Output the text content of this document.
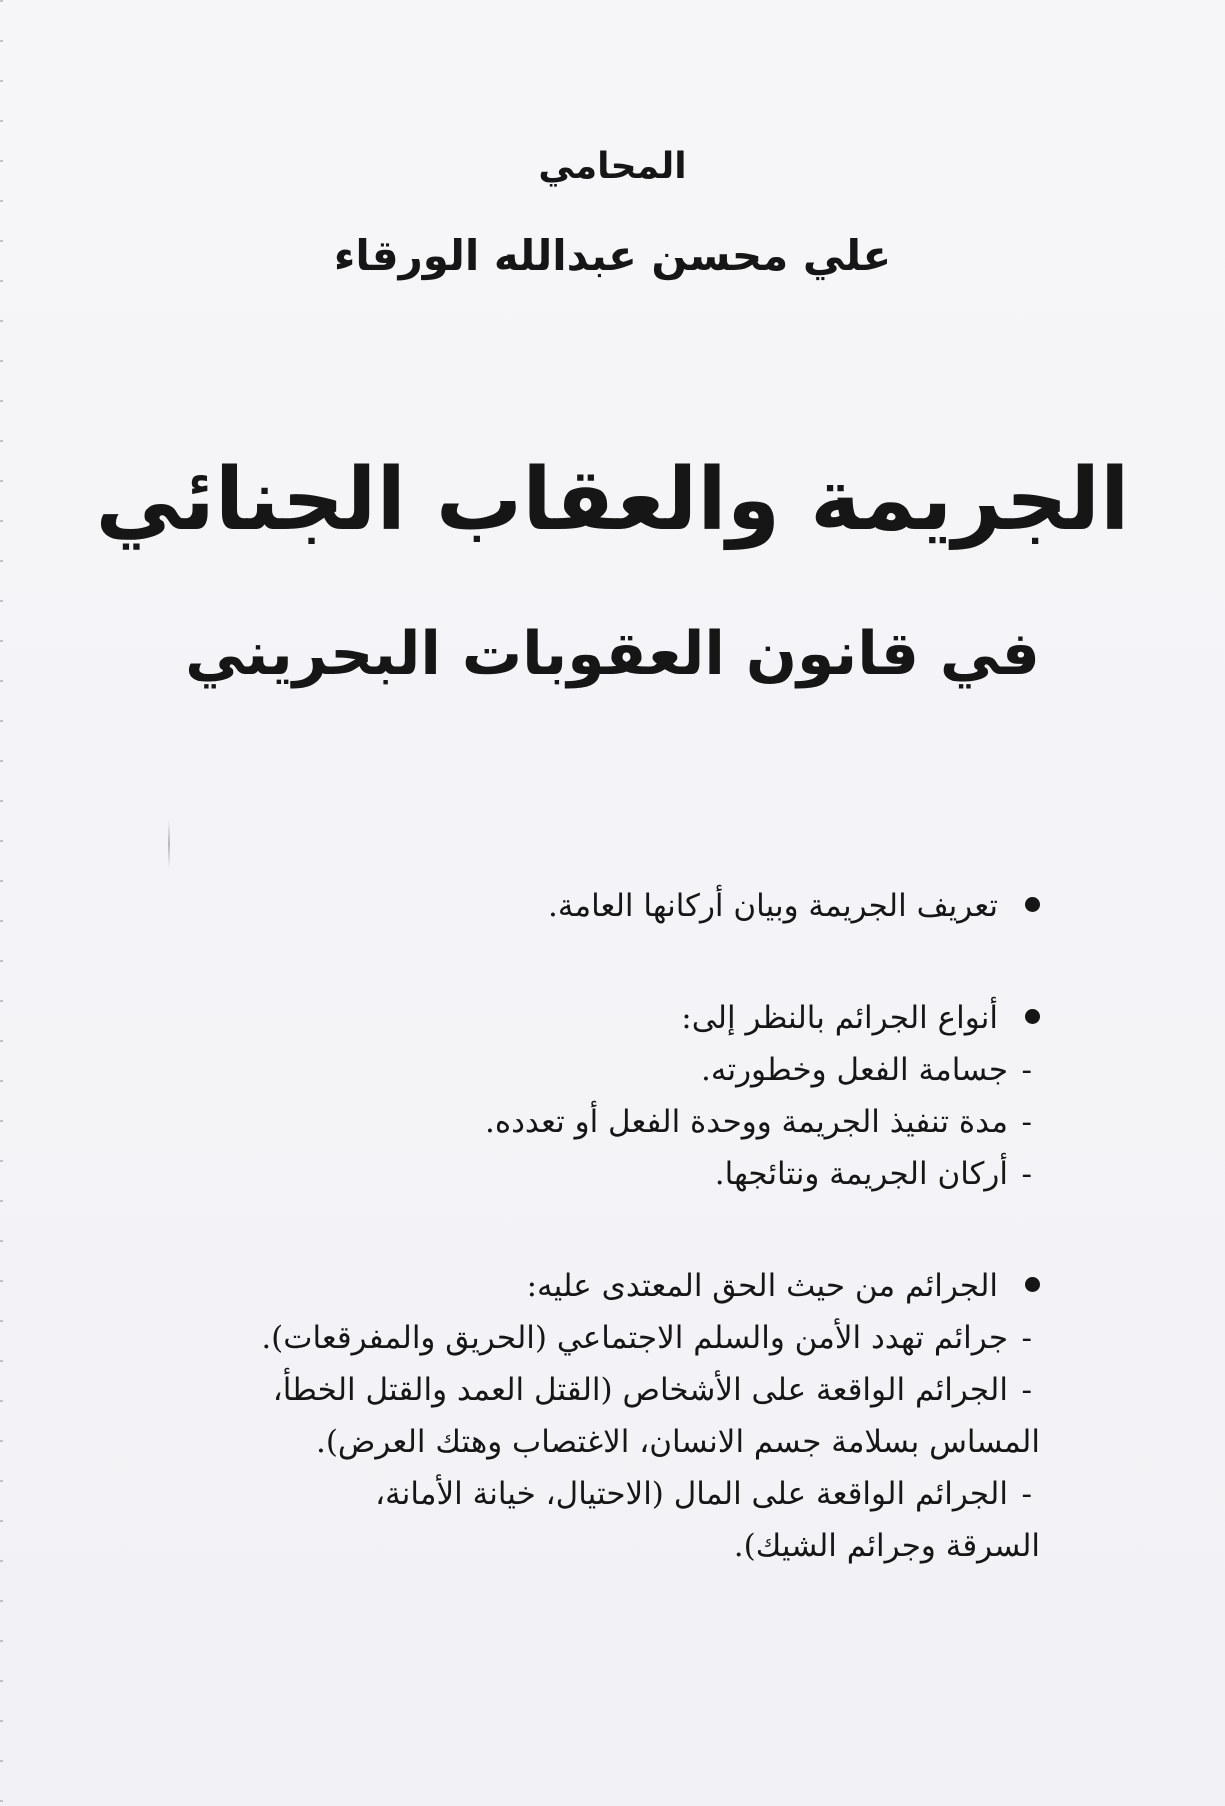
المحامي
علي محسن عبدالله الورقاء
الجريمة والعقاب الجنائي
في قانون العقوبات البحريني
تعريف الجريمة وبيان أركانها العامة.
أنواع الجرائم بالنظر إلى:
-جسامة الفعل وخطورته.
-مدة تنفيذ الجريمة ووحدة الفعل أو تعدده.
-أركان الجريمة ونتائجها.
الجرائم من حيث الحق المعتدى عليه:
-جرائم تهدد الأمن والسلم الاجتماعي (الحريق والمفرقعات).
-الجرائم الواقعة على الأشخاص (القتل العمد والقتل الخطأ،
المساس بسلامة جسم الانسان، الاغتصاب وهتك العرض).
-الجرائم الواقعة على المال (الاحتيال، خيانة الأمانة،
السرقة وجرائم الشيك).
